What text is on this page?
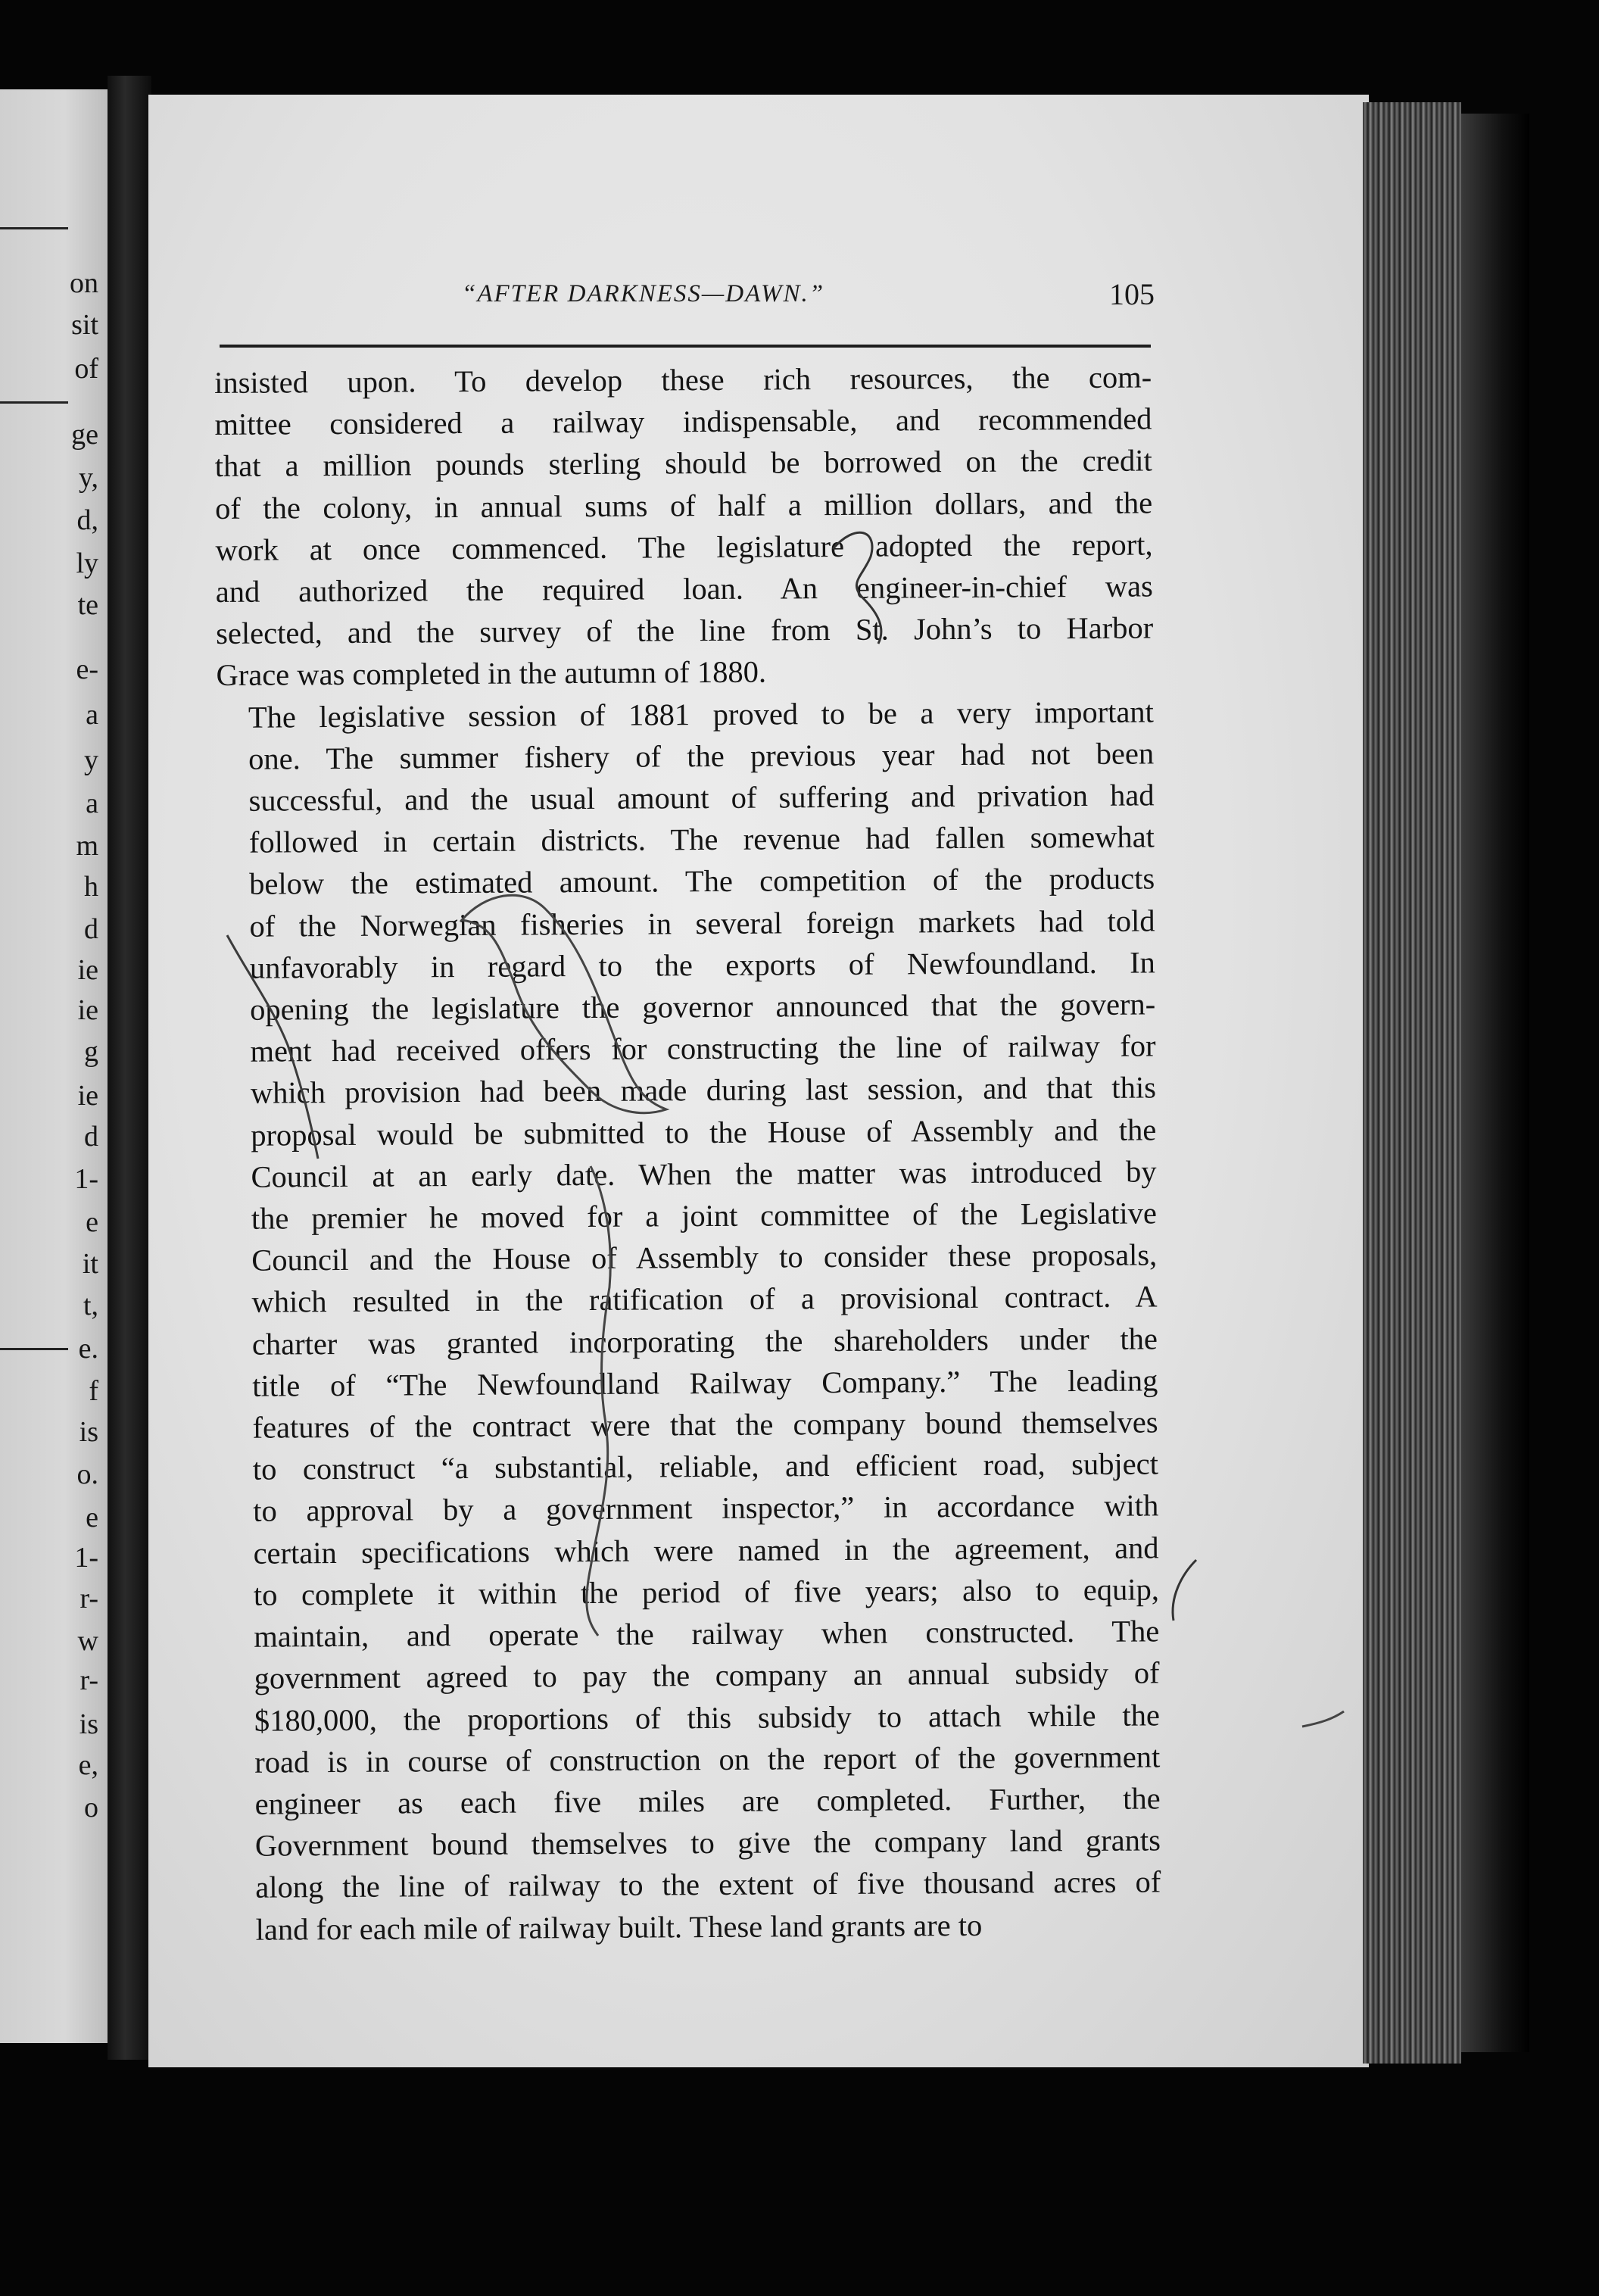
on
sit
of
ge
y,
d,
ly
te
e-
a
y
a
m
h
d
ie
ie
g
ie
d
1-
e
it
t,
e.
f
is
o.
e
1-
r-
w
r-
is
e,
o
“AFTER DARKNESS—DAWN.”	105

insisted upon. To develop these rich resources, the com-
mittee considered a railway indispensable, and recommended
that a million pounds sterling should be borrowed on the credit
of the colony, in annual sums of half a million dollars, and the
work at once commenced. The legislature adopted the report,
and authorized the required loan. An engineer-in-chief was
selected, and the survey of the line from St. John’s to Harbor
Grace was completed in the autumn of 1880.

The legislative session of 1881 proved to be a very important
one. The summer fishery of the previous year had not been
successful, and the usual amount of suffering and privation had
followed in certain districts. The revenue had fallen somewhat
below the estimated amount. The competition of the products
of the Norwegian fisheries in several foreign markets had told
unfavorably in regard to the exports of Newfoundland. In
opening the legislature the governor announced that the govern-
ment had received offers for constructing the line of railway for
which provision had been made during last session, and that this
proposal would be submitted to the House of Assembly and the
Council at an early date. When the matter was introduced by
the premier he moved for a joint committee of the Legislative
Council and the House of Assembly to consider these proposals,
which resulted in the ratification of a provisional contract. A
charter was granted incorporating the shareholders under the
title of “The Newfoundland Railway Company.” The leading
features of the contract were that the company bound themselves
to construct “a substantial, reliable, and efficient road, subject
to approval by a government inspector,” in accordance with
certain specifications which were named in the agreement, and
to complete it within the period of five years; also to equip,
maintain, and operate the railway when constructed. The
government agreed to pay the company an annual subsidy of
$180,000, the proportions of this subsidy to attach while the
road is in course of construction on the report of the government
engineer as each five miles are completed. Further, the
Government bound themselves to give the company land grants
along the line of railway to the extent of five thousand acres of
land for each mile of railway built. These land grants are to
